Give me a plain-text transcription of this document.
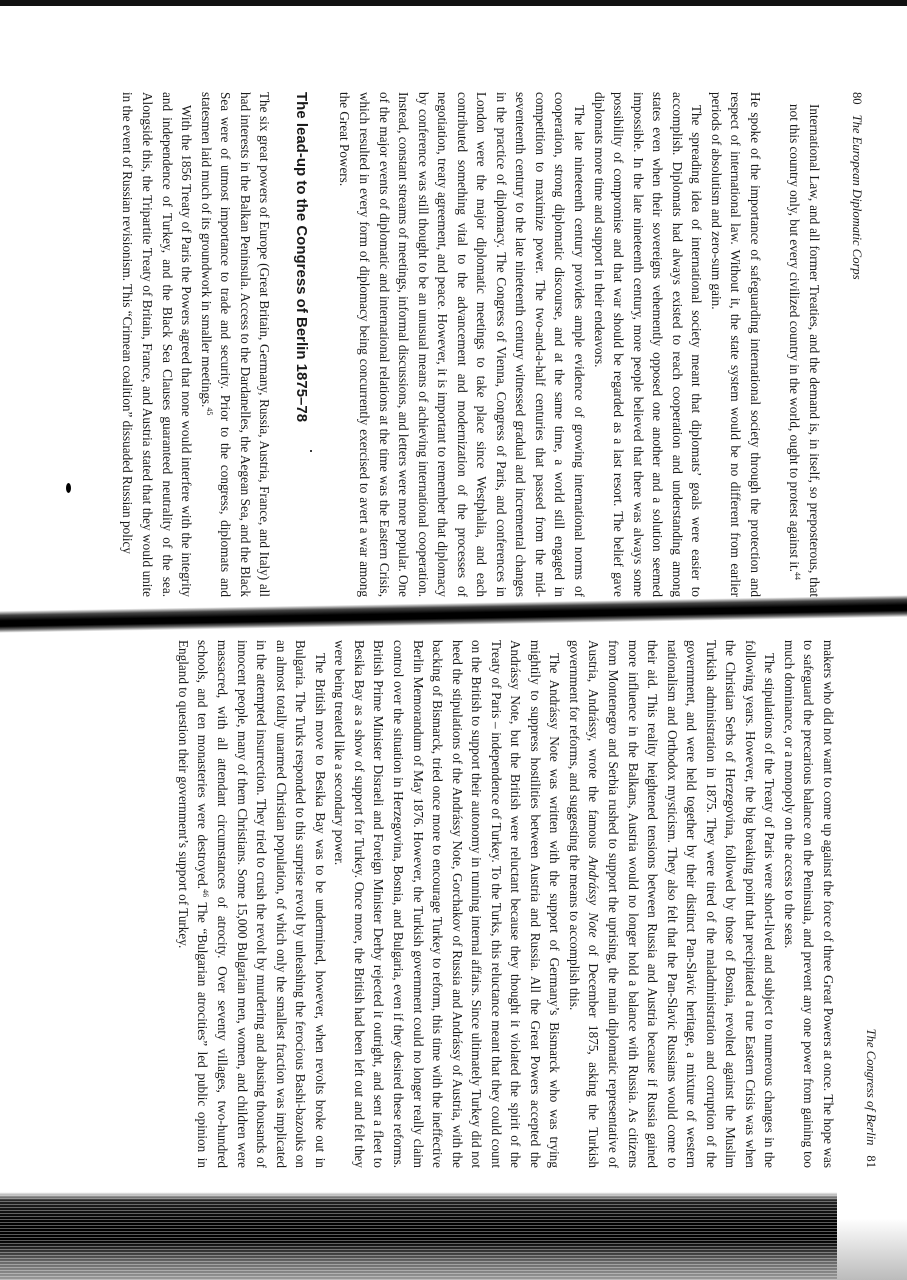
80
The European Diplomatic Corps

International Law, and all former Treaties, and the demand is, in itself, so preposterous, that not this country only, but every civilized country in the world, ought to protest against it.$^{44}$

He spoke of the importance of safeguarding international society through the protection and respect of international law. Without it, the state system would be no different from earlier periods of absolutism and zero-sum gain.

The spreading idea of international society meant that diplomats’ goals were easier to accomplish. Diplomats had always existed to reach cooperation and understanding among states even when their sovereigns vehemently opposed one another and a solution seemed impossible. In the late nineteenth century, more people believed that there was always some possibility of compromise and that war should be regarded as a last resort. The belief gave diplomats more time and support in their endeavors.

The late nineteenth century provides ample evidence of growing international norms of cooperation, strong diplomatic discourse, and at the same time, a world still engaged in competition to maximize power. The two-and-a-half centuries that passed from the mid-seventeenth century to the late nineteenth century witnessed gradual and incremental changes in the practice of diplomacy. The Congress of Vienna, Congress of Paris, and conferences in London were the major diplomatic meetings to take place since Westphalia, and each contributed something vital to the advancement and modernization of the processes of negotiation, treaty agreement, and peace. However, it is important to remember that diplomacy by conference was still thought to be an unusual means of achieving international cooperation. Instead, constant streams of meetings, informal discussions, and letters were more popular. One of the major events of diplomatic and international relations at the time was the Eastern Crisis, which resulted in every form of diplomacy being concurrently exercised to avert a war among the Great Powers.

The lead-up to the Congress of Berlin 1875–78

The six great powers of Europe (Great Britain, Germany, Russia, Austria, France, and Italy) all had interests in the Balkan Peninsula. Access to the Dardanelles, the Aegean Sea, and the Black Sea were of utmost importance to trade and security. Prior to the congress, diplomats and statesmen laid much of its groundwork in smaller meetings.$^{45}$

With the 1856 Treaty of Paris the Powers agreed that none would interfere with the integrity and independence of Turkey, and the Black Sea Clauses guaranteed neutrality of the sea. Alongside this, the Tripartite Treaty of Britain, France, and Austria stated that they would unite in the event of Russian revisionism. This “Crimean coalition” dissuaded Russian policy

The Congress of Berlin
81

makers who did not want to come up against the force of three Great Powers at once. The hope was to safeguard the precarious balance on the Peninsula, and prevent any one power from gaining too much dominance, or a monopoly on the access to the seas.

The stipulations of the Treaty of Paris were short-lived and subject to numerous changes in the following years. However, the big breaking point that precipitated a true Eastern Crisis was when the Christian Serbs of Herzegovina, followed by those of Bosnia, revolted against the Muslim Turkish administration in 1875. They were tired of the maladministration and corruption of the government, and were held together by their distinct Pan-Slavic heritage, a mixture of western nationalism and Orthodox mysticism. They also felt that the Pan-Slavic Russians would come to their aid. This reality heightened tensions between Russia and Austria because if Russia gained more influence in the Balkans, Austria would no longer hold a balance with Russia. As citizens from Montenegro and Serbia rushed to support the uprising, the main diplomatic representative of Austria, Andrássy, wrote the famous Andrássy Note of December 1875, asking the Turkish government for reforms, and suggesting the means to accomplish this.

The Andrássy Note was written with the support of Germany’s Bismarck who was trying mightily to suppress hostilities between Austria and Russia. All the Great Powers accepted the Andrássy Note, but the British were reluctant because they thought it violated the spirit of the Treaty of Paris – independence of Turkey. To the Turks, this reluctance meant that they could count on the British to support their autonomy in running internal affairs. Since ultimately Turkey did not heed the stipulations of the Andrássy Note, Gorchakov of Russia and Andrássy of Austria, with the backing of Bismarck, tried once more to encourage Turkey to reform, this time with the ineffective Berlin Memorandum of May 1876. However, the Turkish government could no longer really claim control over the situation in Herzegovina, Bosnia, and Bulgaria, even if they desired these reforms. British Prime Minister Disraeli and Foreign Minister Derby rejected it outright, and sent a fleet to Besika Bay as a show of support for Turkey. Once more, the British had been left out and felt they were being treated like a secondary power.

The British move to Besika Bay was to be undermined, however, when revolts broke out in Bulgaria. The Turks responded to this surprise revolt by unleashing the ferocious Bashi-bazouks on an almost totally unarmed Christian population, of which only the smallest fraction was implicated in the attempted insurrection. They tried to crush the revolt by murdering and abusing thousands of innocent people, many of them Christians. Some 15,000 Bulgarian men, women, and children were massacred, with all attendant circumstances of atrocity. Over seventy villages, two-hundred schools, and ten monasteries were destroyed.$^{46}$ The “Bulgarian atrocities” led public opinion in England to question their government’s support of Turkey.
